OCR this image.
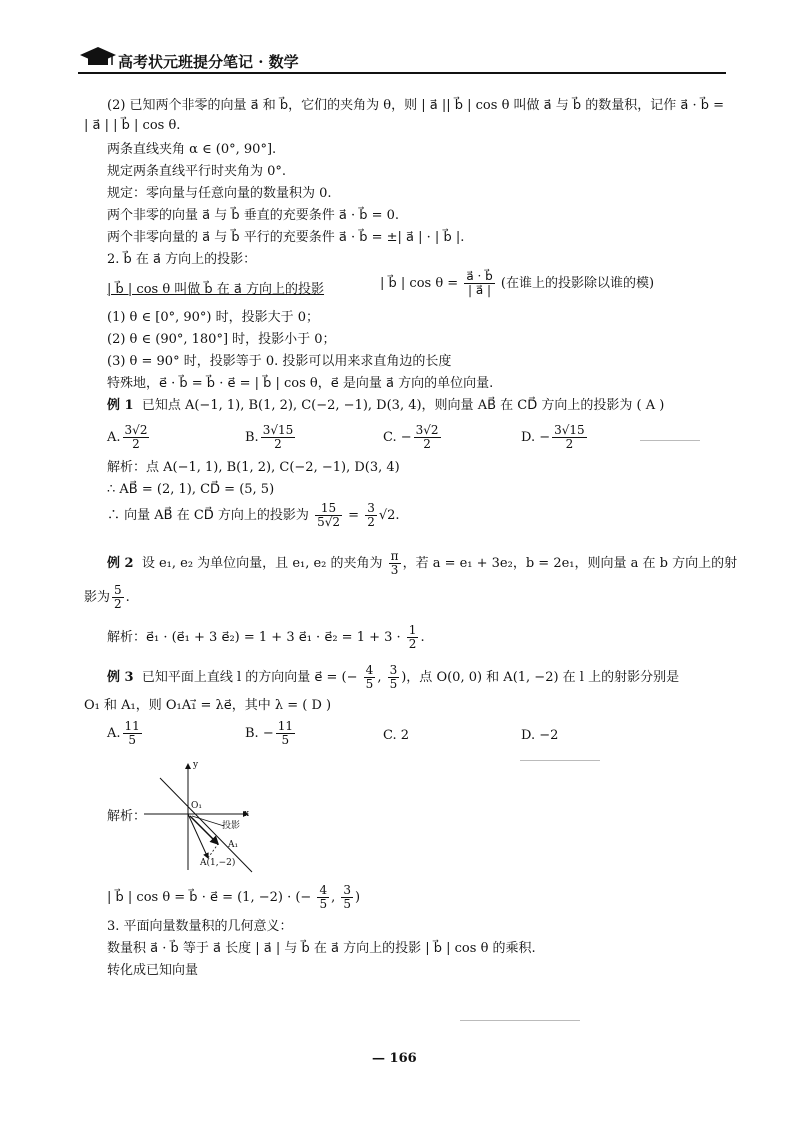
高考状元班提分笔记 · 数学
(2) 已知两个非零的向量 a⃗ 和 b⃗，它们的夹角为 θ，则 | a⃗ || b⃗ | cos θ 叫做 a⃗ 与 b⃗ 的数量积，记作 a⃗ · b⃗ =
| a⃗ | | b⃗ | cos θ.
两条直线夹角 α ∈ (0°, 90°].
规定两条直线平行时夹角为 0°.
规定：零向量与任意向量的数量积为 0.
两个非零的向量 a⃗ 与 b⃗ 垂直的充要条件 a⃗ · b⃗ = 0.
两个非零向量的 a⃗ 与 b⃗ 平行的充要条件 a⃗ · b⃗ = ±| a⃗ | · | b⃗ |.
2. b⃗ 在 a⃗ 方向上的投影：
| b⃗ | cos θ 叫做 b⃗ 在 a⃗ 方向上的投影	| b⃗ | $\cos \theta = \frac{a⃗ \cdot b⃗}{| a⃗ |}$ (在谁上的投影除以谁的模)
(1) θ ∈ [0°, 90°) 时，投影大于 0；
(2) θ ∈ (90°, 180°] 时，投影小于 0；
(3) θ = 90° 时，投影等于 0. 投影可以用来求直角边的长度
特殊地，e⃗ · b⃗ = b⃗ · e⃗ = | b⃗ | cos θ，e⃗ 是向量 a⃗ 方向的单位向量.
例 1 已知点 A(−1, 1), B(1, 2), C(−2, −1), D(3, 4)，则向量 AB⃗ 在 CD⃗ 方向上的投影为 ( A )
A. $\frac{3√2}{2}$	B. $\frac{3√15}{2}$	C. − $\frac{3√2}{2}$	D. − $\frac{3√15}{2}$
解析：点 A(−1, 1), B(1, 2), C(−2, −1), D(3, 4)
∴ AB⃗ = (2, 1), CD⃗ = (5, 5)
∴ 向量 AB⃗ 在 CD⃗ 方向上的投影为 $\frac{15}{5√2} = \frac{3}{2} √2$.
例 2 设 e₁, e₂ 为单位向量，且 e₁, e₂ 的夹角为 $\frac{\pi}{3}$ ，若 a = e₁ + 3e₂，b = 2e₁，则向量 a 在 b 方向上的射
影为 $\frac{5}{2}$ .
解析：e⃗₁ · (e⃗₁ + 3 e⃗₂) = 1 + 3 e⃗₁ · e⃗₂ = $1 + 3 \cdot \frac{1}{2}$ .
例 3 已知平面上直线 l 的方向向量 e⃗ = (− $\frac{4}{5}$ , $\frac{3}{5}$ )，点 O(0, 0) 和 A(1, −2) 在 l 上的射影分别是
O₁ 和 A₁，则 O₁A₁⃗ = λe⃗，其中 λ = ( D )
A. $\frac{11}{5}$	B. − $\frac{11}{5}$	C. 2	D. −2
解析：
y
x
O₁
投影
A₁
A(1,−2)
| b⃗ | cos θ = b⃗ · e⃗ = (1, −2) · (− $\frac{4}{5}$ , $\frac{3}{5}$ )
3. 平面向量数量积的几何意义：
数量积 a⃗ · b⃗ 等于 a⃗ 长度 | a⃗ | 与 b⃗ 在 a⃗ 方向上的投影 | b⃗ | cos θ 的乘积.
转化成已知向量
— 166
